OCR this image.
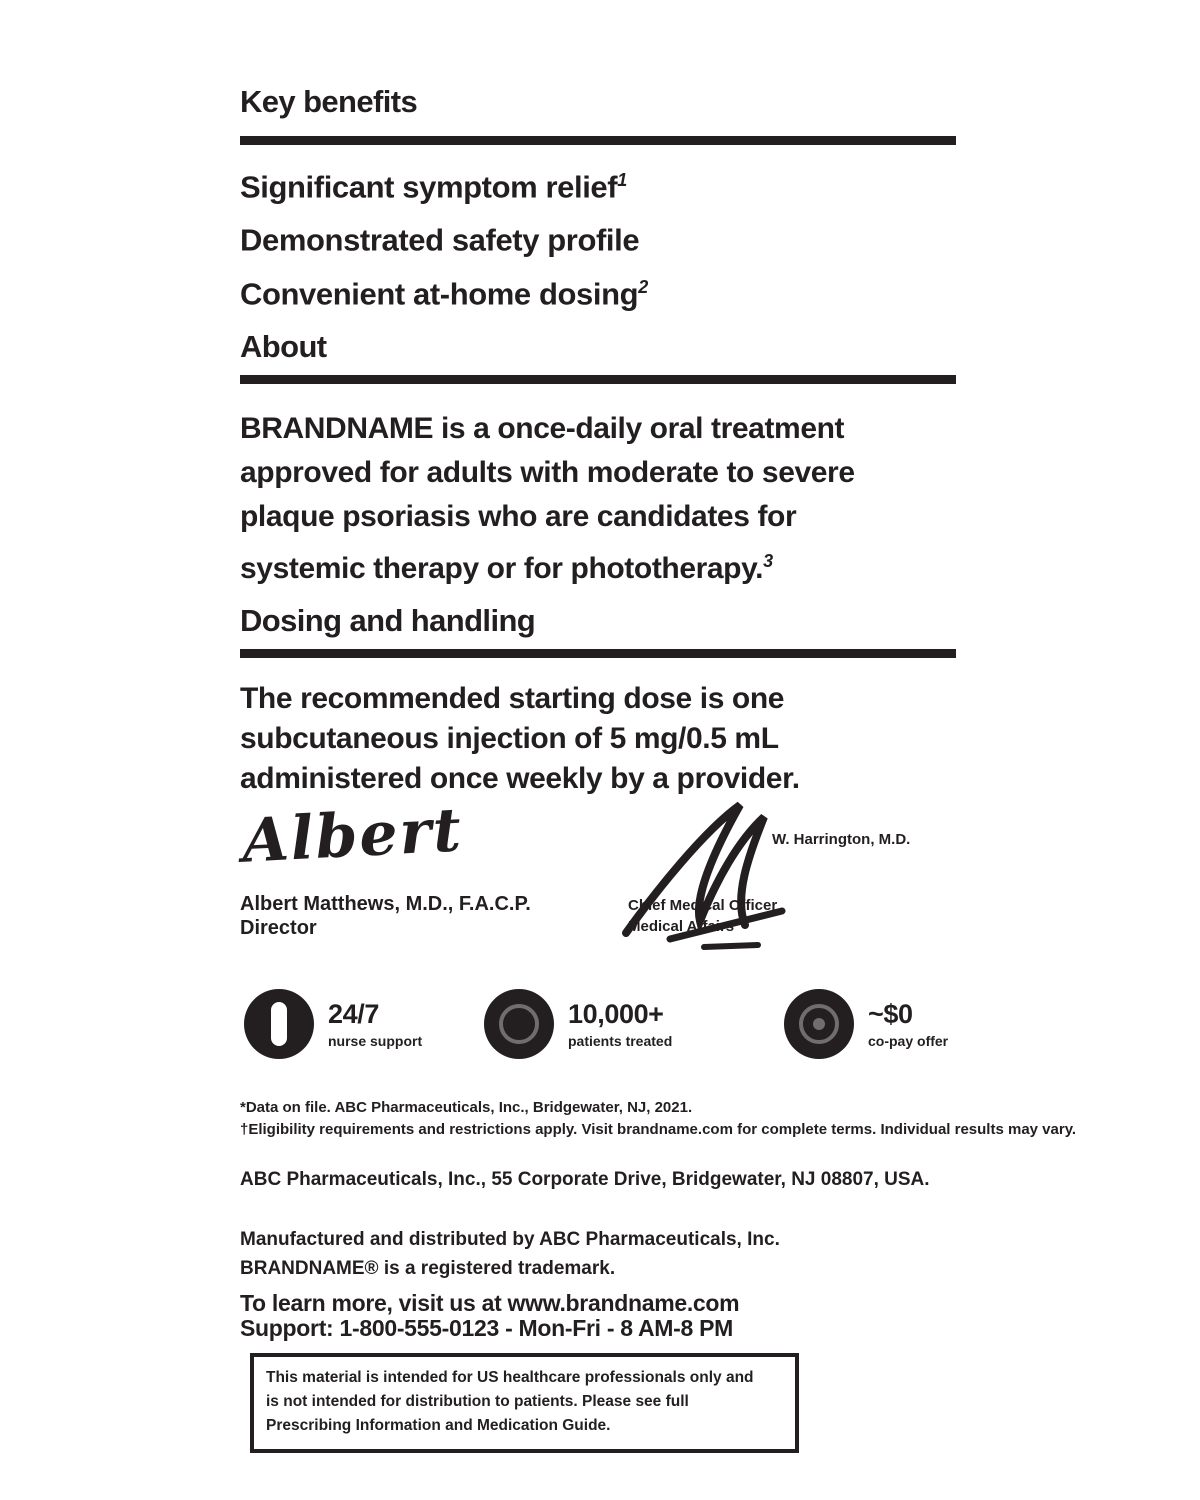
Key benefits
Significant symptom relief$^1$
Demonstrated safety profile
Convenient at-home dosing$^2$
About
BRANDNAME is a once-daily oral treatment
approved for adults with moderate to severe
plaque psoriasis who are candidates for
systemic therapy or for phototherapy.$^3$
Dosing and handling
The recommended starting dose is one
subcutaneous injection of 5 mg/0.5 mL
administered once weekly by a provider.
Albert
Albert Matthews, M.D., F.A.C.P.
Director
W. Harrington, M.D.
Chief Medical Officer
Medical Affairs
24/7
nurse support
10,000+
patients treated
~$0
co-pay offer
*Data on file. ABC Pharmaceuticals, Inc., Bridgewater, NJ, 2021.
†Eligibility requirements and restrictions apply. Visit brandname.com for complete terms. Individual results may vary.
ABC Pharmaceuticals, Inc., 55 Corporate Drive, Bridgewater, NJ 08807, USA.
Manufactured and distributed by ABC Pharmaceuticals, Inc.
BRANDNAME® is a registered trademark.
To learn more, visit us at www.brandname.com
Support: 1-800-555-0123 - Mon-Fri - 8 AM-8 PM
This material is intended for US healthcare professionals only and
is not intended for distribution to patients. Please see full
Prescribing Information and Medication Guide.
